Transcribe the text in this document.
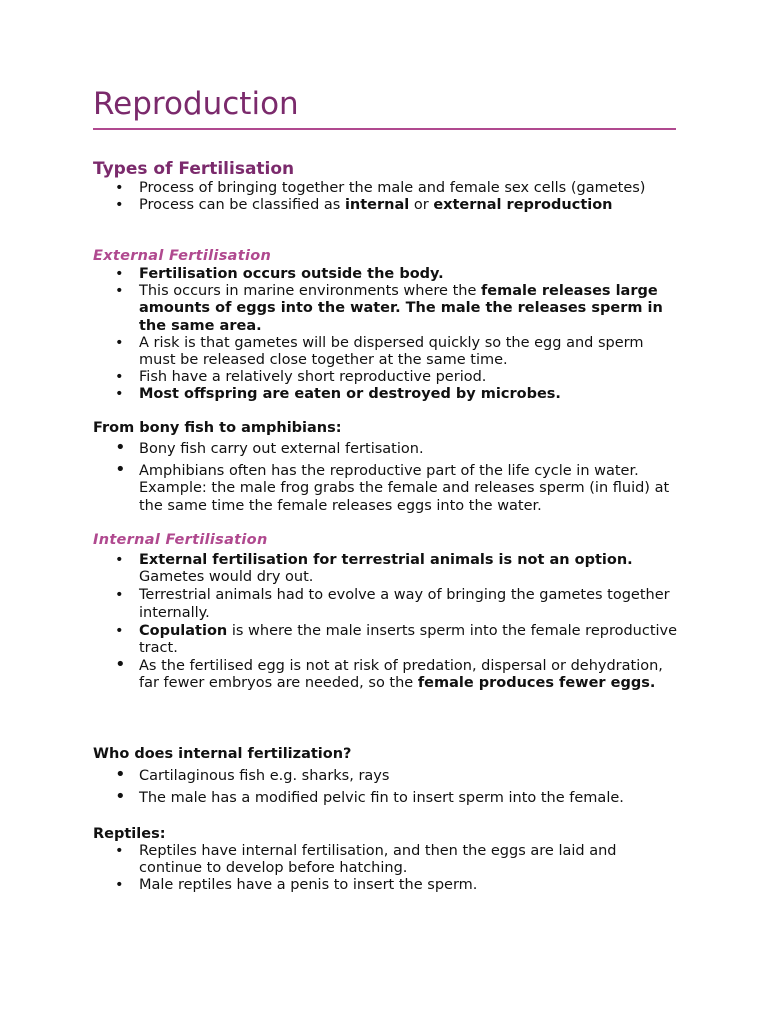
Reproduction
Types of Fertilisation
• Process of bringing together the male and female sex cells (gametes)
• Process can be classified as internal or external reproduction
External Fertilisation
• Fertilisation occurs outside the body.
• This occurs in marine environments where the female releases large amounts of eggs into the water. The male the releases sperm in the same area.
• A risk is that gametes will be dispersed quickly so the egg and sperm must be released close together at the same time.
• Fish have a relatively short reproductive period.
• Most offspring are eaten or destroyed by microbes.
From bony fish to amphibians:
• Bony fish carry out external fertisation.
• Amphibians often has the reproductive part of the life cycle in water. Example: the male frog grabs the female and releases sperm (in fluid) at the same time the female releases eggs into the water.
Internal Fertilisation
• External fertilisation for terrestrial animals is not an option. Gametes would dry out.
• Terrestrial animals had to evolve a way of bringing the gametes together internally.
• Copulation is where the male inserts sperm into the female reproductive tract.
• As the fertilised egg is not at risk of predation, dispersal or dehydration, far fewer embryos are needed, so the female produces fewer eggs.
Who does internal fertilization?
• Cartilaginous fish e.g. sharks, rays
• The male has a modified pelvic fin to insert sperm into the female.
Reptiles:
• Reptiles have internal fertilisation, and then the eggs are laid and continue to develop before hatching.
• Male reptiles have a penis to insert the sperm.
